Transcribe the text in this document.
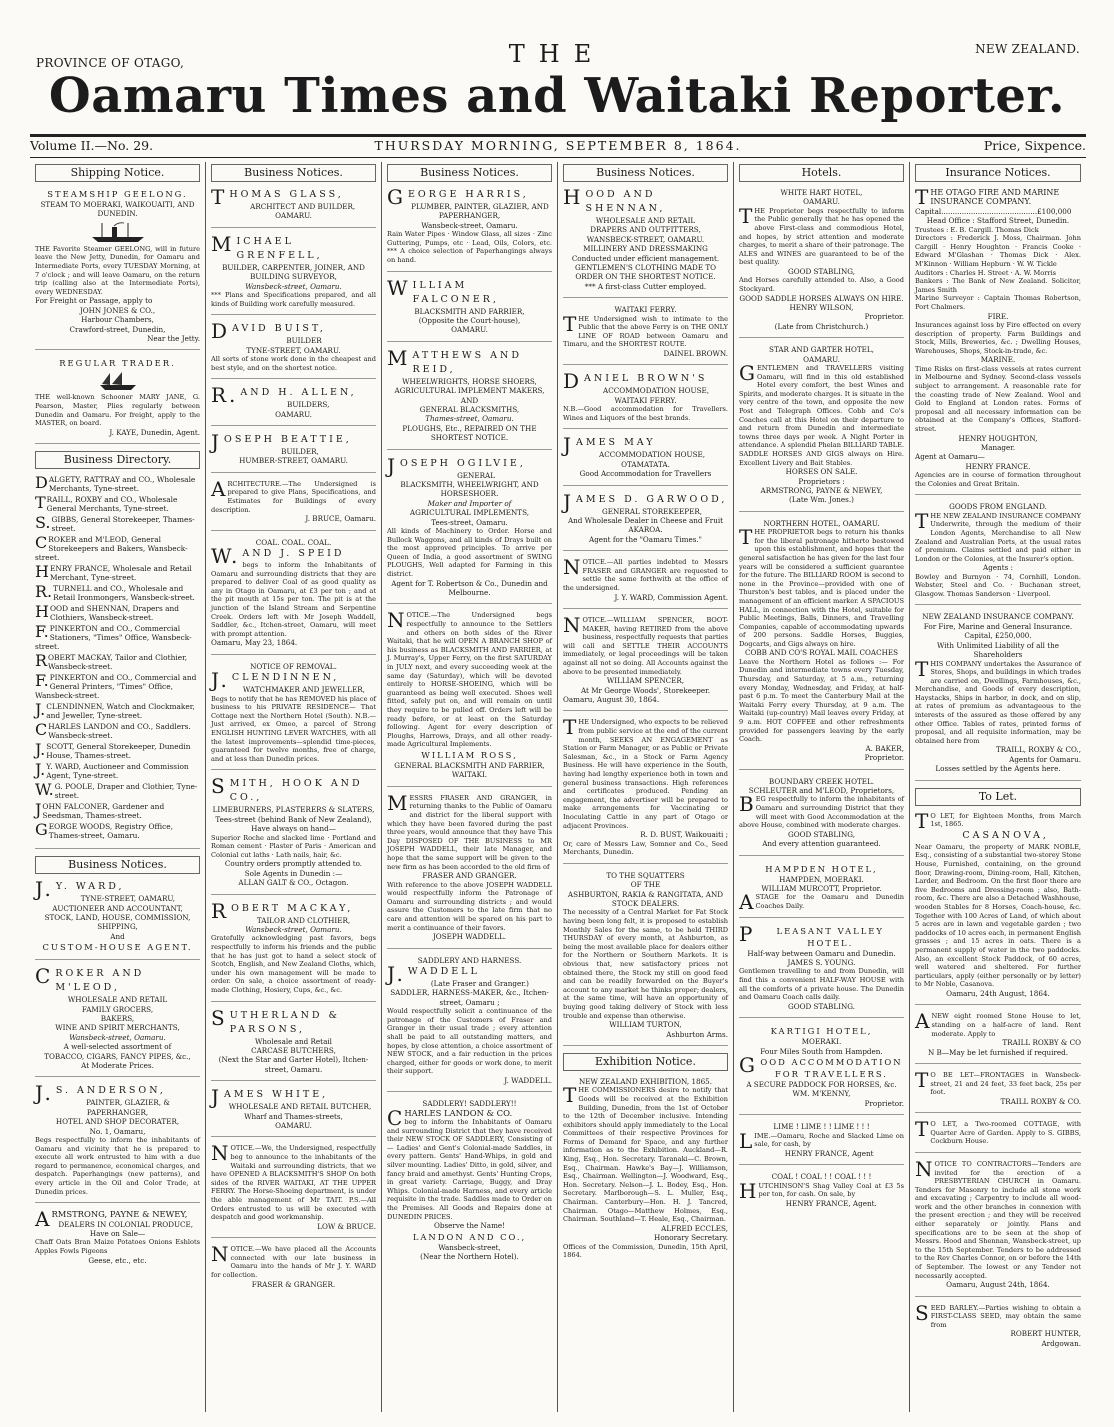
PROVINCE OF OTAGO,
NEW ZEALAND.
THE
Oamaru Times and Waitaki Reporter.
Volume II.—No. 29.	THURSDAY MORNING, SEPTEMBER 8, 1864.	Price, Sixpence.
Shipping Notice.
STEAMSHIP GEELONG.
STEAM TO MOERAKI, WAIKOUAITI, AND DUNEDIN.
THE Favorite Steamer GEELONG, will in future leave the New Jetty, Dunedin, for Oamaru and Intermediate Ports, every TUESDAY Morning, at 7 o'clock ; and will leave Oamaru, on the return trip (calling also at the Intermediate Ports), every WEDNESDAY.
For Freight or Passage, apply to
JOHN JONES & CO.,
Harbour Chambers,
Crawford-street, Dunedin,
Near the Jetty.
REGULAR TRADER.
THE well-known Schooner MARY JANE, G. Pearson, Master, Plies regularly between Dunedin and Oamaru. For freight, apply to the MASTER, on board.
J. KAYE, Dunedin, Agent.
Business Directory.
DALGETY, RATTRAY and CO., Wholesale Merchants, Tyne-street.
TRAILL, ROXBY and CO., Wholesale General Merchants, Tyne-street.
S.GIBBS, General Storekeeper, Thames-street.
CROKER and M'LEOD, General Storekeepers and Bakers, Wansbeck-street.
HENRY FRANCE, Wholesale and Retail Merchant, Tyne-street.
R.TURNELL and CO., Wholesale and Retail Ironmongers, Wansbeck-street.
HOOD and SHENNAN, Drapers and Clothiers, Wansbeck-street.
F.PINKERTON and CO., Commercial Stationers, "Times" Office, Wansbeck-street.
ROBERT MACKAY, Tailor and Clothier, Wansbeck-street.
F.PINKERTON and CO., Commercial and General Printers, "Times" Office, Wansbeck-street.
J.CLENDINNEN, Watch and Clockmaker, and Jeweller, Tyne-street.
CHARLES LANDON and CO., Saddlers. Wansbeck-street.
J.SCOTT, General Storekeeper, Dunedin House, Thames-street.
J.Y. WARD, Auctioneer and Commission Agent, Tyne-street.
W.G. POOLE, Draper and Clothier, Tyne-street.
JOHN FALCONER, Gardener and Seedsman, Thames-street.
GEORGE WOODS, Registry Office, Thames-street, Oamaru.
Business Notices.
J.Y. WARD,
TYNE-STREET, OAMARU,
AUCTIONEER AND ACCOUNTANT,
STOCK, LAND, HOUSE, COMMISSION, SHIPPING,
And
CUSTOM-HOUSE AGENT.
CROKER AND M'LEOD,
WHOLESALE AND RETAIL
FAMILY GROCERS,
BAKERS,
WINE AND SPIRIT MERCHANTS,
Wansbeck-street, Oamaru.
A well-selected assortment of
TOBACCO, CIGARS, FANCY PIPES, &c.,
At Moderate Prices.
J.S. ANDERSON,
PAINTER, GLAZIER, & PAPERHANGER,
HOTEL AND SHOP DECORATER,
No. 1, Oamaru,
Begs respectfully to inform the inhabitants of Oamaru and vicinity that he is prepared to execute all work entrusted to him with a due regard to permanence, economical charges, and despatch. Paperhangings (new patterns), and every article in the Oil and Color Trade, at Dunedin prices.
ARMSTRONG, PAYNE & NEWEY,
DEALERS IN COLONIAL PRODUCE,
Have on Sale—
Chaff Oats Bran Maize Potatoes Onions Eshlots Apples Fowls Pigeons
Geese, etc., etc.
Business Notices.
THOMAS GLASS,
ARCHITECT AND BUILDER,
OAMARU.
MICHAEL GRENFELL,
BUILDER, CARPENTER, JOINER, AND BUILDING SURVEYOR,
Wansbeck-street, Oamaru.
*** Plans and Specifications prepared, and all kinds of Building work carefully measured.
DAVID BUIST,
BUILDER
TYNE-STREET, OAMARU.
All sorts of stone work done in the cheapest and best style, and on the shortest notice.
R.AND H. ALLEN,
BUILDERS,
OAMARU.
JOSEPH BEATTIE,
BUILDER,
HUMBER-STREET, OAMARU.
ARCHITECTURE.—The Undersigned is prepared to give Plans, Specifications, and Estimates for Buildings of every description.
J. BRUCE, Oamaru.
COAL. COAL. COAL.
W.AND J. SPEID
begs to inform the Inhabitants of Oamaru and surrounding districts that they are prepared to deliver Coal of as good quality as any in Otago in Oamaru, at £3 per ton ; and at the pit mouth at 15s per ton. The pit is at the junction of the Island Stream and Serpentine Creek. Orders left with Mr Joseph Waddell, Saddler, &c., Itchen-street, Oamaru, will meet with prompt attention.
Oamaru, May 23, 1864.
NOTICE OF REMOVAL.
J.CLENDINNEN,
WATCHMAKER AND JEWELLER,
Begs to notify that he has REMOVED his place of business to his PRIVATE RESIDENCE— That Cottage next the Northern Hotel (South). N.B.—Just arrived, ex Omeo, a parcel of Strong ENGLISH HUNTING LEVER WATCHES, with all the latest improvements—splendid time-pieces, guaranteed for twelve months, free of charge, and at less than Dunedin prices.
SMITH, HOOK AND CO.,
LIMEBURNERS, PLASTERERS & SLATERS,
Tees-street (behind Bank of New Zealand), Have always on hand—
Superior Roche and slacked lime · Portland and Roman cement · Plaster of Paris · American and Colonial cut laths · Lath nails, hair, &c.
Country orders promptly attended to.
Sole Agents in Dunedin :—
ALLAN GALT & CO., Octagon.
ROBERT MACKAY,
TAILOR AND CLOTHIER,
Wansbeck-street, Oamaru.
Gratefully acknowledging past favors, begs respectfully to inform his friends and the public that he has just got to hand a select stock of Scotch, English, and New Zealand Cloths, which, under his own management will be made to order. On sale, a choice assortment of ready-made Clothing, Hosiery, Cups, &c., &c.
SUTHERLAND & PARSONS,
Wholesale and Retail
CARCASE BUTCHERS,
(Next the Star and Garter Hotel), Itchen-street, Oamaru.
JAMES WHITE,
WHOLESALE AND RETAIL BUTCHER,
Wharf and Thames-streets,
OAMARU.
NOTICE.—We, the Undersigned, respectfully beg to announce to the inhabitants of the Waitaki and surrounding districts, that we have OPENED A BLACKSMITH'S SHOP On both sides of the RIVER WAITAKI, AT THE UPPER FERRY. The Horse-Shoeing department, is under the able management of Mr TAIT. P.S.—All Orders entrusted to us will be executed with despatch and good workmanship.
LOW & BRUCE.
NOTICE.—We have placed all the Accounts connected with our late business in Oamaru into the hands of Mr J. Y. WARD for collection.
FRASER & GRANGER.
Business Notices.
GEORGE HARRIS,
PLUMBER, PAINTER, GLAZIER, AND PAPERHANGER,
Wansbeck-street, Oamaru.
Rain Water Pipes · Window Glass, all sizes · Zinc Guttering, Pumps, etc · Lead, Oils, Colors, etc. *** A choice selection of Paperhangings always on hand.
WILLIAM FALCONER,
BLACKSMITH AND FARRIER,
(Opposite the Court-house),
OAMARU.
MATTHEWS AND REID,
WHEELWRIGHTS, HORSE SHOERS,
AGRICULTURAL IMPLEMENT MAKERS,
AND
GENERAL BLACKSMITHS,
Thames-street, Oamaru.
PLOUGHS, Etc., REPAIRED ON THE SHORTEST NOTICE.
JOSEPH OGILVIE,
GENERAL
BLACKSMITH, WHEELWRIGHT, AND HORSESHOER.
Maker and Importer of
AGRICULTURAL IMPLEMENTS,
Tees-street, Oamaru.
All kinds of Machinery to Order. Horse and Bullock Waggons, and all kinds of Drays built on the most approved principles. To arrive per Queen of India, a good assortment of SWING PLOUGHS, Well adapted for Farming in this district.
Agent for T. Robertson & Co., Dunedin and Melbourne.
NOTICE.—The Undersigned begs respectfully to announce to the Settlers and others on both sides of the River Waitaki, that he will OPEN A BRANCH SHOP of his business as BLACKSMITH AND FARRIER, at J. Murray's, Upper Ferry, on the first SATURDAY in JULY next, and every succeeding week at the same day (Saturday), which will be devoted entirely to HORSE-SHOEING, which will be guaranteed as being well executed. Shoes well fitted, safely put on, and will remain on until they require to be pulled off. Orders left will be ready before, or at least on the Saturday following. Agent for every description of Ploughs, Harrows, Drays, and all other ready-made Agricultural Implements.
WILLIAM ROSS,
GENERAL BLACKSMITH AND FARRIER, WAITAKI.
MESSRS FRASER AND GRANGER, in returning thanks to the Public of Oamaru and district for the liberal support with which they have been favored during the past three years, would announce that they have This Day DISPOSED OF THE BUSINESS to MR JOSEPH WADDELL, their late Manager, and hope that the same support will be given to the new firm as has been accorded to the old firm of
FRASER AND GRANGER.
With reference to the above JOSEPH WADDELL would respectfully inform the Patronage of Oamaru and surrounding districts ; and would assure the Customers to the late firm that no care and attention will be spared on his part to merit a continuance of their favors.
JOSEPH WADDELL.
SADDLERY AND HARNESS.
J.WADDELL
(Late Fraser and Granger.)
SADDLER, HARNESS-MAKER, &c., Itchen-street, Oamaru ;
Would respectfully solicit a continuance of the patronage of the Customers of Fraser and Granger in their usual trade ; every attention shall be paid to all outstanding matters, and hopes, by close attention, a choice assortment of NEW STOCK, and a fair reduction in the prices charged, either for goods or work done, to merit their support.
J. WADDELL.
SADDLERY! SADDLERY!!
CHARLES LANDON & CO.
beg to inform the Inhabitants of Oamaru and surrounding District that they have received their NEW STOCK OF SADDLERY, Consisting of— Ladies' and Gent's Colonial-made Saddles, in every pattern. Gents' Hand-Whips, in gold and silver mounting. Ladies' Ditto, in gold, silver, and fancy braid and amethyst. Gents' Hunting Crops, in great variety. Carriage, Buggy, and Dray Whips. Colonial-made Harness, and every article requisite in the trade. Saddles made to Order on the Premises. All Goods and Repairs done at DUNEDIN PRICES.
Observe the Name!
LANDON AND CO.,
Wansbeck-street,
(Near the Northern Hotel).
Business Notices.
HOOD AND SHENNAN,
WHOLESALE AND RETAIL
DRAPERS AND OUTFITTERS,
WANSBECK-STREET, OAMARU.
MILLINERY AND DRESSMAKING
Conducted under efficient management.
GENTLEMEN'S CLOTHING MADE TO ORDER ON THE SHORTEST NOTICE.
*** A first-class Cutter employed.
WAITAKI FERRY.
THE Undersigned wish to intimate to the Public that the above Ferry is on THE ONLY LINE OF ROAD between Oamaru and Timaru, and the SHORTEST ROUTE.
DAINEL BROWN.
DANIEL BROWN'S
ACCOMMODATION HOUSE,
WAITAKI FERRY.
N.B.—Good accommodation for Travellers. Wines and Liquors of the best brands.
JAMES MAY
ACCOMMODATION HOUSE,
OTAMATATA.
Good Accommodation for Travellers
JAMES D. GARWOOD,
GENERAL STOREKEEPER,
And Wholesale Dealer in Cheese and Fruit
AKAROA.
Agent for the "Oamaru Times."
NOTICE.—All parties indebted to Messrs FRASER and GRANGER are requested to settle the same forthwith at the office of the undersigned.
J. Y. WARD, Commission Agent.
NOTICE.—WILLIAM SPENCER, BOOT-MAKER, having RETIRED from the above business, respectfully requests that parties will call and SETTLE THEIR ACCOUNTS immediately, or legal proceedings will be taken against all not so doing. All Accounts against the above to be presented immediately.
WILLIAM SPENCER,
At Mr George Woods', Storekeeper.
Oamaru, August 30, 1864.
THE Undersigned, who expects to be relieved from public service at the end of the current month, SEEKS AN ENGAGEMENT as Station or Farm Manager, or as Public or Private Salesman, &c., in a Stock or Farm Agency Business. He will have experience in the South, having had lengthy experience both in town and general business transactions. High references and certificates produced. Pending an engagement, the advertiser will be prepared to make arrangements for Vaccinating or Inoculating Cattle in any part of Otago or adjacent Provinces.
R. D. BUST, Waikouaiti ;
Or, care of Messrs Law, Somner and Co., Seed Merchants, Dunedin.
TO THE SQUATTERS
OF THE
ASHBURTON, RAKIA & RANGITATA, AND STOCK DEALERS.
The necessity of a Central Market for Fat Stock having been long felt, it is proposed to establish Monthly Sales for the same, to be held THIRD THURSDAY of every month, at Ashburton, as being the most available place for dealers either for the Northern or Southern Markets. It is obvious that, new satisfactory prices not obtained there, the Stock my still on good feed and can be readily forwarded on the Buyer's account to any market he thinks proper; dealers, at the same time, will have an opportunity of buying good taking delivery of Stock with less trouble and expense than otherwise.
WILLIAM TURTON,
Ashburton Arms.
Exhibition Notice.
NEW ZEALAND EXHIBITION, 1865.
THE COMMISSIONERS desire to notify that Goods will be received at the Exhibition Building, Dunedin, from the 1st of October to the 12th of December inclusive. Intending exhibitors should apply immediately to the Local Committees of their respective Provinces for Forms of Demand for Space, and any further information as to the Exhibition. Auckland—R. King, Esq., Hon. Secretary. Taranaki—C. Brown, Esq., Chairman. Hawke's Bay—J. Williamson, Esq., Chairman. Wellington—J. Woodward, Esq., Hon. Secretary. Nelson—J. L. Bodey, Esq., Hon. Secretary. Marlborough—S. L. Muller, Esq., Chairman. Canterbury—Hon. H. J. Tancred, Chairman. Otago—Matthew Holmes, Esq., Chairman. Southland—T. Heale, Esq., Chairman.
ALFRED ECCLES,
Honorary Secretary.
Offices of the Commission, Dunedin, 15th April, 1864.
Hotels.
WHITE HART HOTEL,
OAMARU.
THE Proprietor begs respectfully to inform the Public generally that he has opened the above First-class and commodious Hotel, and hopes, by strict attention and moderate charges, to merit a share of their patronage. The ALES and WINES are guaranteed to be of the best quality.
GOOD STABLING,
And Horses carefully attended to. Also, a Good Stockyard.
GOOD SADDLE HORSES ALWAYS ON HIRE.
HENRY WILSON,
Proprietor.
(Late from Christchurch.)
STAR AND GARTER HOTEL,
OAMARU.
GENTLEMEN and TRAVELLERS visiting Oamaru, will find in this old established Hotel every comfort, the best Wines and Spirits, and moderate charges. It is situate in the very centre of the town, and opposite the new Post and Telegraph Offices. Cobb and Co's Coaches call at this Hotel on their departure to and return from Dunedin and intermediate towns three days per week. A Night Porter in attendance. A splendid Phelan BILLIARD TABLE. SADDLE HORSES AND GIGS always on Hire. Excellent Livery and Bait Stables.
HORSES ON SALE.
Proprietors :
ARMSTRONG, PAYNE & NEWEY,
(Late Wm. Jones.)
NORTHERN HOTEL, OAMARU.
THE PROPRIETOR begs to return his thanks for the liberal patronage hitherto bestowed upon this establishment, and hopes that the general satisfaction he has given for the last four years will be considered a sufficient guarantee for the future. The BILLIARD ROOM is second to none in the Province—provided with one of Thurston's best tables, and is placed under the management of an efficient marker. A SPACIOUS HALL, in connection with the Hotel, suitable for Public Meetings, Balls, Dinners, and Travelling Companies, capable of accommodating upwards of 200 persons. Saddle Horses, Buggies, Dogcarts, and Gigs always on hire.
COBB AND CO'S ROYAL MAIL COACHES
Leave the Northern Hotel as follows :— For Dunedin and intermediate towns every Tuesday, Thursday, and Saturday, at 5 a.m., returning every Monday, Wednesday, and Friday, at half-past 6 p.m. To meet the Canterbury Mail at the Waitaki Ferry every Thursday, at 9 a.m. The Waitaki (up-country) Mail leaves every Friday, at 9 a.m. HOT COFFEE and other refreshments provided for passengers leaving by the early Coach.
A. BAKER,
Proprietor.
BOUNDARY CREEK HOTEL.
SCHLEUTER and M'LEOD, Proprietors,
BEG respectfully to inform the inhabitants of Oamaru and surrounding District that they will meet with Good Accommodation at the above House, combined with moderate charges.
GOOD STABLING,
And every attention guaranteed.
HAMPDEN HOTEL,
HAMPDEN, MOERAKI.
WILLIAM MURCOTT, Proprietor.
ASTAGE for the Oamaru and Dunedin Coaches Daily.
PLEASANT VALLEY HOTEL.
Half-way between Oamaru and Dunedin.
JAMES S. YOUNG.
Gentlemen travelling to and from Dunedin, will find this a convenient HALF-WAY HOUSE with all the comforts of a private house. The Dunedin and Oamaru Coach calls daily.
GOOD STABLING.
KARTIGI HOTEL,
MOERAKI.
Four Miles South from Hampden.
GOOD ACCOMMODATION FOR TRAVELLERS.
A SECURE PADDOCK FOR HORSES, &c.
WM. M'KENNY,
Proprietor.
LIME ! LIME ! ! LIME ! ! !
LIME.—Oamaru, Roche and Slacked Lime on sale, for cash, by
HENRY FRANCE, Agent
COAL ! COAL ! ! COAL ! ! !
HUTCHINSON'S Shag Valley Coal at £3 5s per ton, for cash. On sale, by
HENRY FRANCE, Agent.
Insurance Notices.
THE OTAGO FIRE AND MARINE INSURANCE COMPANY.
Capital..........................................£100,000
Head Office : Stafford Street, Dunedin.
Trustees : E. B. Cargill. Thomas Dick
Directors : Frederick J. Moss, Chairman. John Cargill · Henry Houghton · Francis Cooke · Edward M'Glashan · Thomas Dick · Alex. M'Kinnon · William Hepburn · W. W. Tickle
Auditors : Charles H. Street · A. W. Morris
Bankers : The Bank of New Zealand. Solicitor, James Smith
Marine Surveyor : Captain Thomas Robertson, Port Chalmers.
FIRE.
Insurances against loss by Fire effected on every description of property. Farm Buildings and Stock, Mills, Breweries, &c. ; Dwelling Houses, Warehouses, Shops, Stock-in-trade, &c.
MARINE.
Time Risks on first-class vessels at rates current in Melbourne and Sydney. Second-class vessels subject to arrangement. A reasonable rate for the coasting trade of New Zealand. Wool and Gold to England at London rates. Forms of proposal and all necessary information can be obtained at the Company's Offices, Stafford-street.
HENRY HOUGHTON,
Manager.
Agent at Oamaru—
HENRY FRANCE.
Agencies are in course of formation throughout the Colonies and Great Britain.
GOODS FROM ENGLAND.
THE NEW ZEALAND INSURANCE COMPANY Underwrite, through the medium of their London Agents, Merchandise to all New Zealand and Australian Ports, at the usual rates of premium. Claims settled and paid either in London or the Colonies, at the Insurer's option.
Agents :
Bowley and Burnyon · 74, Cornhill, London. Webster, Steel and Co. · Buchanan street, Glasgow. Thomas Sanderson · Liverpool.
NEW ZEALAND INSURANCE COMPANY.
For Fire, Marine and General Insurance.
Capital, £250,000.
With Unlimited Liability of all the Shareholders
THIS COMPANY undertakes the Assurance of Stores, Shops, and buildings in which trades are carried on, Dwellings, Farmhouses, &c., Merchandise, and Goods of every description, Haystacks, Ships in harbor, in dock, and on slip, at rates of premium as advantageous to the interests of the assured as those offered by any other Office. Tables of rates, printed forms of proposal, and all requisite information, may be obtained here from
TRAILL, ROXBY & CO.,
Agents for Oamaru.
Losses settled by the Agents here.
To Let.
TO LET, for Eighteen Months, from March 1st, 1865.
CASANOVA,
Near Oamaru, the property of MARK NOBLE, Esq., consisting of a substantial two-storey Stone House, Furnished, containing, on the ground floor, Drawing-room, Dining-room, Hall, Kitchen, Larder, and Bedroom. On the first floor there are five Bedrooms and Dressing-room ; also, Bath-room, &c. There are also a Detached Washhouse, wooden Stables for 8 Horses, Coach-house, &c. Together with 100 Acres of Land, of which about 5 acres are in lawn and vegetable garden ; two paddocks of 10 acres each, in permanent English grasses ; and 15 acres in oats. There is a permanent supply of water in the two paddocks. Also, an excellent Stock Paddock, of 60 acres, well watered and sheltered. For further particulars, apply (either personally or by letter) to Mr Noble, Casanova.
Oamaru, 24th August, 1864.
ANEW eight roomed Stone House to let, standing on a half-acre of land. Rent moderate. Apply to
TRAILL ROXBY & CO
N B—May be let furnished if required.
TO BE LET—FRONTAGES in Wansbeck-street, 21 and 24 feet, 33 feet back, 25s per foot.
TRAILL ROXBY & CO.
TO LET, a Two-roomed COTTAGE, with Quarter Acre of Garden. Apply to S. GIBBS, Cockburn House.
NOTICE TO CONTRACTORS—Tenders are invited for the erection of a PRESBYTERIAN CHURCH in Oamaru. Tenders for Masonry to include all stone work and excavating ; Carpentry to include all wood-work and the other branches in connexion with the present erection ; and they will be received either separately or jointly. Plans and specifications are to be seen at the shop of Messrs. Hood and Shennan, Wansbeck-street, up to the 15th September. Tenders to be addressed to the Rev Charles Connor, on or before the 14th of September. The lowest or any Tender not necessarily accepted.
Oamaru, August 24th, 1864.
SEED BARLEY.—Parties wishing to obtain a FIRST-CLASS SEED, may obtain the same from
ROBERT HUNTER,
Ardgowan.
